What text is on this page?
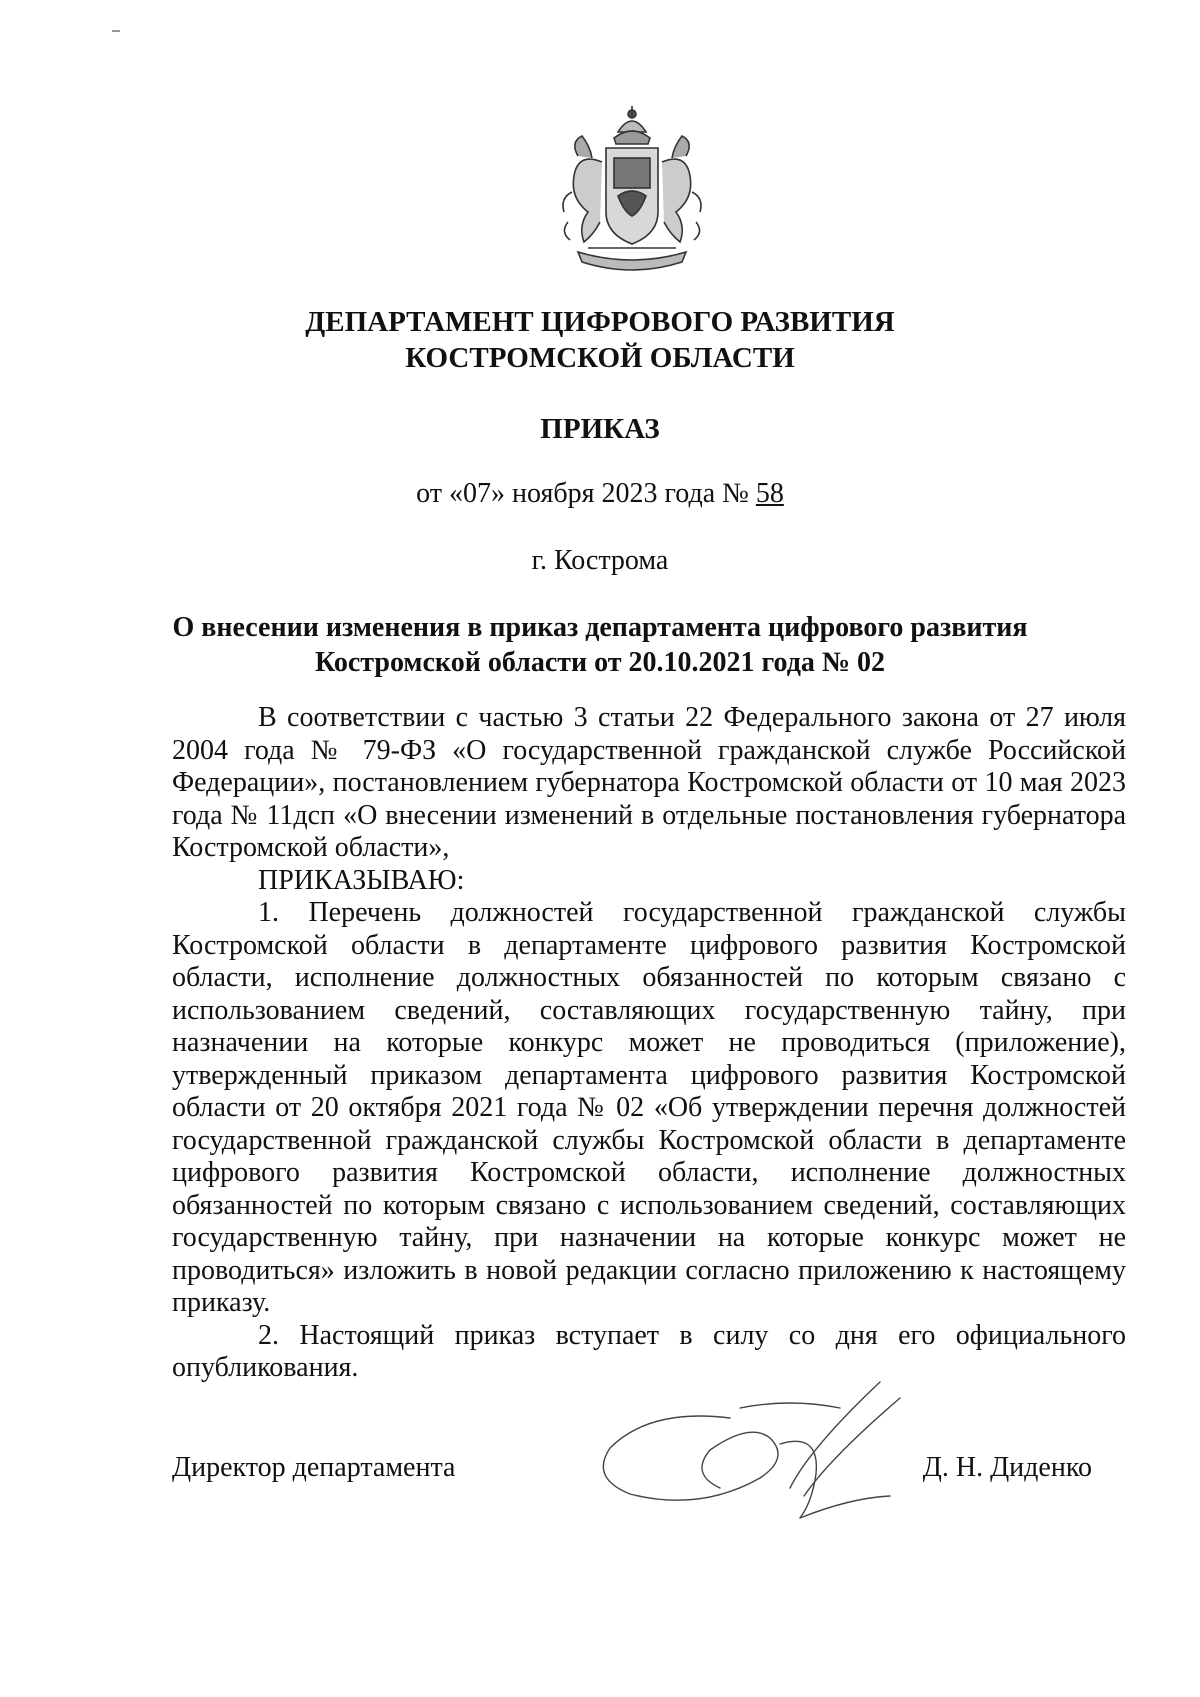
ДЕПАРТАМЕНТ ЦИФРОВОГО РАЗВИТИЯ
КОСТРОМСКОЙ ОБЛАСТИ
ПРИКАЗ
от «07» ноября 2023 года № 58
г. Кострома
О внесении изменения в приказ департамента цифрового развития
Костромской области от 20.10.2021 года № 02

В соответствии с частью 3 статьи 22 Федерального закона от 27 июля 2004 года № 79-ФЗ «О государственной гражданской службе Российской Федерации», постановлением губернатора Костромской области от 10 мая 2023 года № 11дсп «О внесении изменений в отдельные постановления губернатора Костромской области»,

ПРИКАЗЫВАЮ:

1. Перечень должностей государственной гражданской службы Костромской области в департаменте цифрового развития Костромской области, исполнение должностных обязанностей по которым связано с использованием сведений, составляющих государственную тайну, при назначении на которые конкурс может не проводиться (приложение), утвержденный приказом департамента цифрового развития Костромской области от 20 октября 2021 года № 02 «Об утверждении перечня должностей государственной гражданской службы Костромской области в департаменте цифрового развития Костромской области, исполнение должностных обязанностей по которым связано с использованием сведений, составляющих государственную тайну, при назначении на которые конкурс может не проводиться» изложить в новой редакции согласно приложению к настоящему приказу.

2. Настоящий приказ вступает в силу со дня его официального опубликования.

Директор департамента	Д. Н. Диденко
